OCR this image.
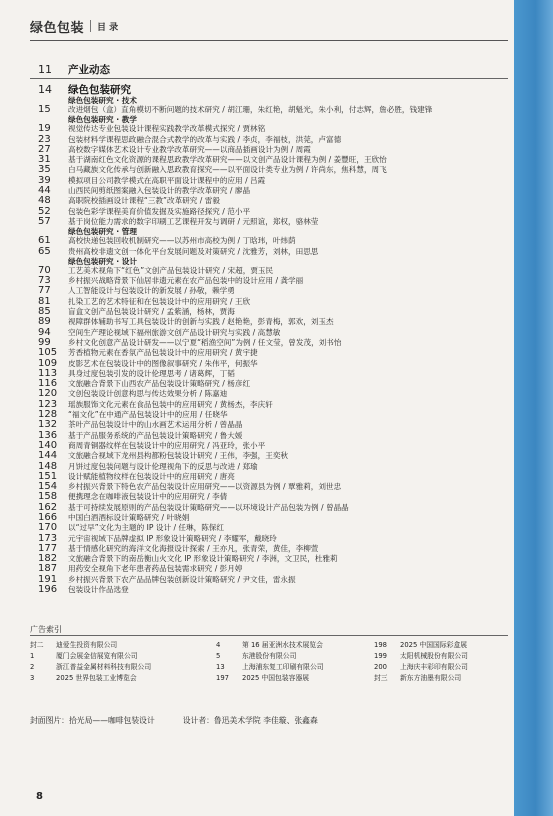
绿色包装 目 录
11	产业动态
14	绿色包装研究
绿色包装研究 · 技术
15	改进烟包（盒）直角模切不断问题的技术研究 / 胡江珊，朱红艳，胡魁光，朱小利，付志辉，詹必胜，钱建锋
绿色包装研究 · 教学
19	视觉传达专业包装设计课程实践教学改革模式探究 / 贾林铭
23	包装材料学课程思政融合混合式教学的改革与实践 / 李贞，李福枝，洪莞，卢富德
27	高校数字媒体艺术设计专业教学改革研究——以商品插画设计为例 / 周霞
31	基于湖南红色文化资源的课程思政教学改革研究——以文创产品设计课程为例 / 姜豐旺，王欣怡
35	白马藏族文化传承与创新融入思政教育探究——以平面设计类专业为例 / 许尚东，焦科慧，周飞
39	模拟项目公司教学模式在高职平面设计课程中的应用 / 吕霞
44	山西民间剪纸图案融入包装设计的教学改革研究 / 廖晶
48	高职院校插画设计课程“三教”改革研究 / 雷毅
52	包装色彩学课程美育价值发掘及实施路径探究 / 范小平
57	基于岗位能力需求的数字印刷工艺课程开发与调研 / 元照谊，郑权，骆林莹
绿色包装研究 · 管理
61	高校快递包装回收机制研究——以苏州市高校为例 / 丁晗玮，叶炜荫
65	贵州高校非遗文创一体化平台发展问题及对策研究 / 沈雅芳，刘林，田思思
绿色包装研究 · 设计
70	工艺美术视角下“红色”文创产品包装设计研究 / 宋超，贾玉民
73	乡村振兴战略背景下仙居非遗元素在农产品包装中的设计应用 / 龚学丽
77	人工智能设计与包装设计的新发展 / 孙敬，赖学勇
81	扎染工艺的艺术特征和在包装设计中的应用研究 / 王欣
85	盲盒文创产品包装设计研究 / 孟紫涵，杨林，贾海
89	视障群体辅助书写工具包装设计的创新与实践 / 赵艳艳，彭青梅，郭欢，刘玉杰
94	空间生产理论视域下福州旅游文创产品设计研究与实践 / 高慧敏
99	乡村文化创意产品设计研发——以宁夏“稻渔空间”为例 / 任文莹，曾发茂，刘书怡
105	芳香植物元素在香氛产品包装设计中的应用研究 / 黄宇捷
109	皮影艺术在包装设计中的图像叙事研究 / 朱伟平，何振华
113	具身过度包装引发的设计伦理思考 / 诸葛辉，丁韬
116	文旅融合背景下山西农产品包装设计策略研究 / 杨彦红
120	文创包装设计创意构思与传达效果分析 / 陈嘉迪
123	瑶族服饰文化元素在食品包装中的应用研究 / 黄杨杰，李庆轩
128	“福文化”在中通产品包装设计中的应用 / 任晓华
132	茶叶产品包装设计中的山水画艺术运用分析 / 曾晶晶
136	基于产品服务系统的产品包装设计策略研究 / 鲁大媛
140	商周青铜器纹样在包装设计中的应用研究 / 冯亚玲，张小平
144	文旅融合视域下龙州县构都粉包装设计研究 / 王伟，李强，王奕秋
148	月饼过度包装问题与设计伦理视角下的反思与改进 / 郑瑜
151	设计赋能植物纹样在包装设计中的应用研究 / 唐亮
154	乡村振兴背景下特色农产品包装设计应用研究——以资源县为例 / 覃雅莉，刘世忠
158	便携理念在咖啡液包装设计中的应用研究 / 李倩
162	基于可持续发展原则的产品包装设计策略研究——以环境设计产品包装为例 / 曾晶晶
166	中国白酒酒标设计策略研究 / 叶晓娟
170	以“过早”文化为主题的 IP 设计 / 任琳，陈保红
173	元宇宙视域下品牌虚拟 IP 形象设计策略研究 / 李耀军，戴晓玲
177	基于情感化研究的海洋文化海报设计探索 / 王亦凡，张青荣，黄佳，李柳萱
182	文旅融合背景下的南岳衡山火文化 IP 形象设计策略研究 / 李洲，文卫民，杜雅莉
187	用药安全视角下老年患者药品包装需求研究 / 彭月婷
191	乡村振兴背景下农产品品牌包装创新设计策略研究 / 尹文佳，雷永振
196	包装设计作品选登
广告索引
封二	迪爱生投资有限公司
1	厦门会展金信展览有限公司
2	浙江普益金属材料科技有限公司
3	2025 世界包装工业博览会
4	第 16 届亚洲水技术展览会
5	东港股份有限公司
13	上海浦东复工印刷有限公司
197	2025 中国包装容器展
198	2025 中国国际彩盒展
199	太阳机械股份有限公司
200	上海庆丰彩印有限公司
封三	新东方油墨有限公司
封面图片：拾光局——咖啡包装设计	设计者：鲁迅美术学院 李佳璇、张鑫森
8
